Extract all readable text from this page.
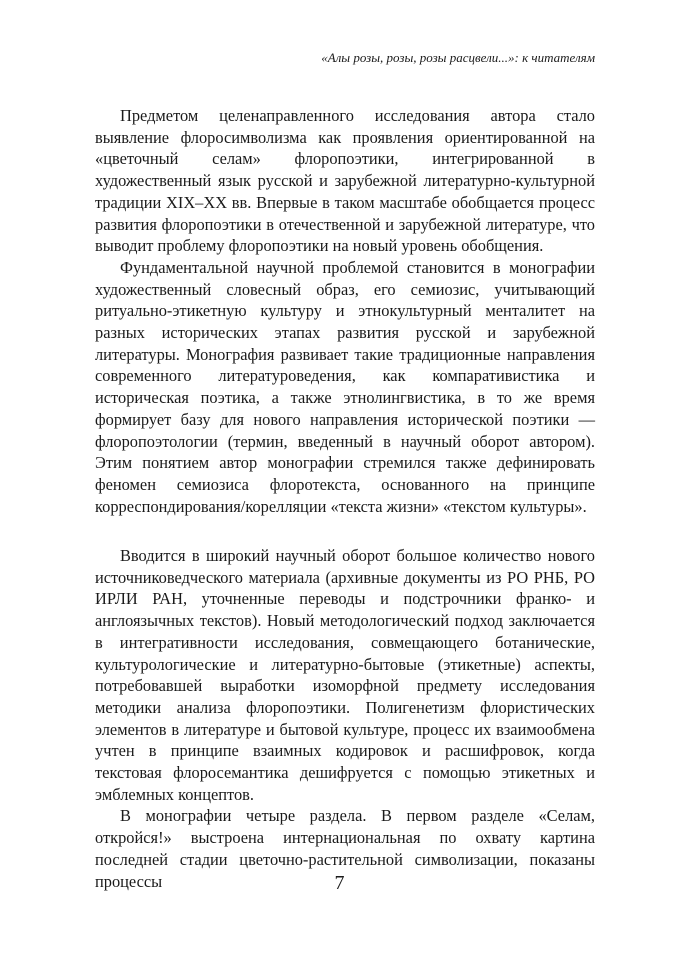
«Алы розы, розы, розы расцвели...»: к читателям

Предметом целенаправленного исследования автора стало выявление флоросимволизма как проявления ориентированной на «цветочный селам» флоропоэтики, интегрированной в художественный язык русской и зарубежной литературно-культурной традиции XIX–XX вв. Впервые в таком масштабе обобщается процесс развития флоропоэтики в отечественной и зарубежной литературе, что выводит проблему флоропоэтики на новый уровень обобщения.

Фундаментальной научной проблемой становится в монографии художественный словесный образ, его семиозис, учитывающий ритуально-этикетную культуру и этнокультурный менталитет на разных исторических этапах развития русской и зарубежной литературы. Монография развивает такие традиционные направления современного литературоведения, как компаративистика и историческая поэтика, а также этнолингвистика, в то же время формирует базу для нового направления исторической поэтики — флоропоэтологии (термин, введенный в научный оборот автором). Этим понятием автор монографии стремился также дефинировать феномен семиозиса флоротекста, основанного на принципе корреспондирования/корелляции «текста жизни» «текстом культуры».

Вводится в широкий научный оборот большое количество нового источниковедческого материала (архивные документы из РО РНБ, РО ИРЛИ РАН, уточненные переводы и подстрочники франко- и англоязычных текстов). Новый методологический подход заключается в интегративности исследования, совмещающего ботанические, культурологические и литературно-бытовые (этикетные) аспекты, потребовавшей выработки изоморфной предмету исследования методики анализа флоропоэтики. Полигенетизм флористических элементов в литературе и бытовой культуре, процесс их взаимообмена учтен в принципе взаимных кодировок и расшифровок, когда текстовая флоросемантика дешифруется с помощью этикетных и эмблемных концептов.

В монографии четыре раздела. В первом разделе «Селам, откройся!» выстроена интернациональная по охвату картина последней стадии цветочно-растительной символизации, показаны процессы	7
